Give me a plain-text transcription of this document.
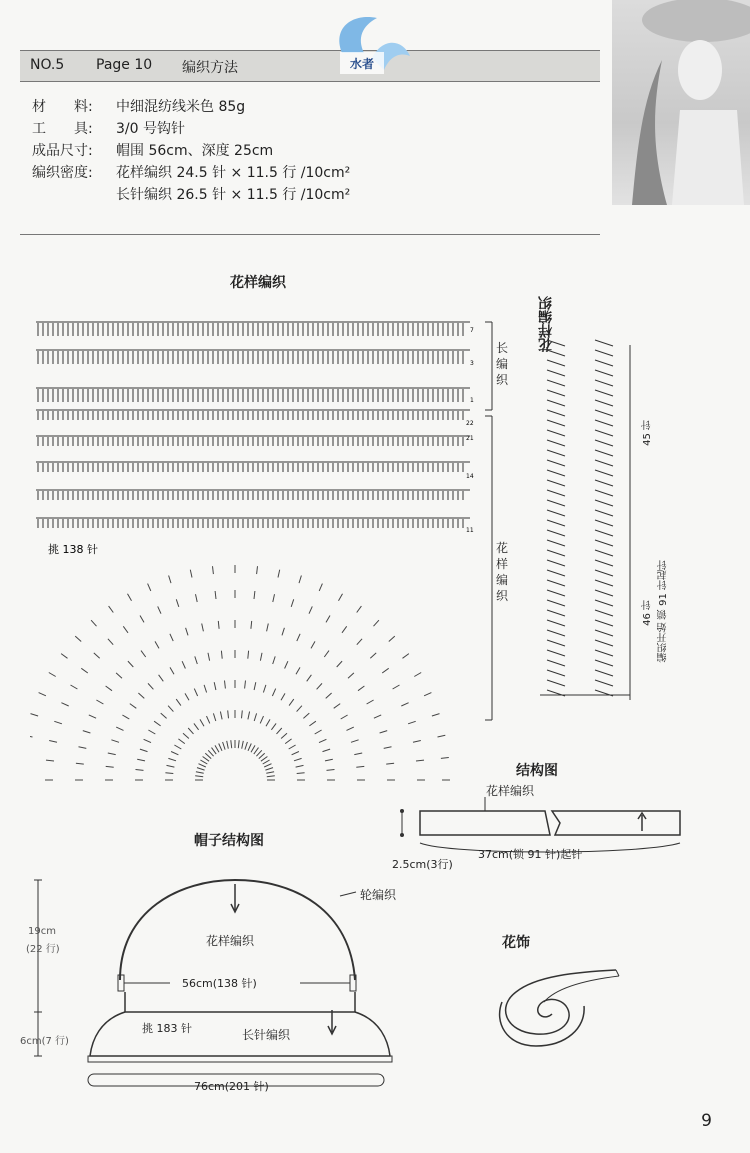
NO.5 Page 10 编织方法	水者
材　　料: 中细混纺线米色 85g
工　　具: 3/0 号钩针
成品尺寸: 帽围 56cm、深度 25cm
编织密度: 花样编织 24.5 针 × 11.5 行 /10cm²
长针编织 26.5 针 × 11.5 行 /10cm²
花样编织
7
3
1
22
21
14
11
挑 138 针
长编织
花样编织
花样编织
45 针
46 针 编织开始 锁 91 针起针
结构图
花样编织
37cm(锁 91 针)起针
2.5cm(3行)
帽子结构图
19cm
(22 行)
6cm(7 行)
轮编织
花样编织
56cm(138 针)
挑 183 针	长针编织
76cm(201 针)
花饰
9
